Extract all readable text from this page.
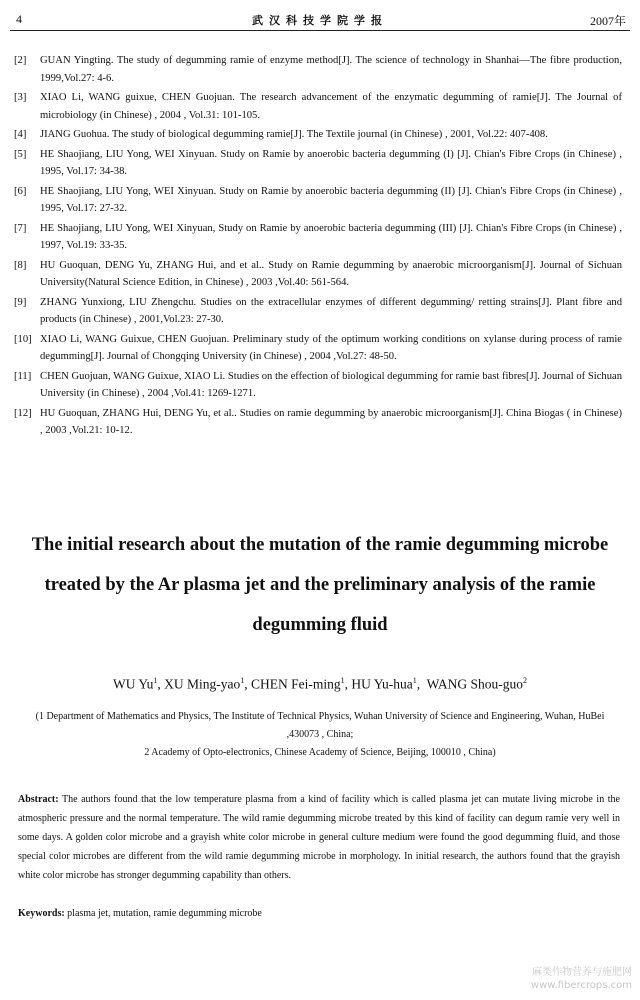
4	武汉科技学院学报	2007年
[2]	GUAN Yingting. The study of degumming ramie of enzyme method[J]. The science of technology in Shanhai—The fibre production, 1999,Vol.27: 4-6.
[3]	XIAO Li, WANG guixue, CHEN Guojuan. The research advancement of the enzymatic degumming of ramie[J]. The Journal of microbiology (in Chinese) , 2004 , Vol.31: 101-105.
[4]	JIANG Guohua. The study of biological degumming ramie[J]. The Textile journal (in Chinese) , 2001, Vol.22: 407-408.
[5]	HE Shaojiang, LIU Yong, WEI Xinyuan. Study on Ramie by anoerobic bacteria degumming (I) [J]. Chian's Fibre Crops (in Chinese) , 1995, Vol.17: 34-38.
[6]	HE Shaojiang, LIU Yong, WEI Xinyuan. Study on Ramie by anoerobic bacteria degumming (II) [J]. Chian's Fibre Crops (in Chinese) , 1995, Vol.17: 27-32.
[7]	HE Shaojiang, LIU Yong, WEI Xinyuan, Study on Ramie by anoerobic bacteria degumming (III) [J]. Chian's Fibre Crops (in Chinese) , 1997, Vol.19: 33-35.
[8]	HU Guoquan, DENG Yu, ZHANG Hui, and et al.. Study on Ramie degumming by anaerobic microorganism[J]. Journal of Sichuan University(Natural Science Edition, in Chinese) , 2003 ,Vol.40: 561-564.
[9]	ZHANG Yunxiong, LIU Zhengchu. Studies on the extracellular enzymes of different degumming/ retting strains[J]. Plant fibre and products (in Chinese) , 2001,Vol.23: 27-30.
[10] XIAO Li, WANG Guixue, CHEN Guojuan. Preliminary study of the optimum working conditions on xylanse during process of ramie degumming[J]. Journal of Chongqing University (in Chinese) , 2004 ,Vol.27: 48-50.
[11] CHEN Guojuan, WANG Guixue, XIAO Li. Studies on the effection of biological degumming for ramie bast fibres[J]. Journal of Sichuan University (in Chinese) , 2004 ,Vol.41: 1269-1271.
[12] HU Guoquan, ZHANG Hui, DENG Yu, et al.. Studies on ramie degumming by anaerobic microorganism[J]. China Biogas ( in Chinese) , 2003 ,Vol.21: 10-12.
The initial research about the mutation of the ramie degumming microbe treated by the Ar plasma jet and the preliminary analysis of the ramie degumming fluid
WU Yu$^1$, XU Ming-yao$^1$, CHEN Fei-ming$^1$, HU Yu-hua$^1$,  WANG Shou-guo$^2$
(1 Department of Mathematics and Physics, The Institute of Technical Physics, Wuhan University of Science and Engineering, Wuhan, HuBei ,430073 , China;
2 Academy of Opto-electronics, Chinese Academy of Science, Beijing, 100010 , China)
Abstract: The authors found that the low temperature plasma from a kind of facility which is called plasma jet can mutate living microbe in the atmospheric pressure and the normal temperature. The wild ramie degumming microbe treated by this kind of facility can degum ramie very well in some days. A golden color microbe and a grayish white color microbe in general culture medium were found the good degumming fluid, and those special color microbes are different from the wild ramie degumming microbe in morphology. In initial research, the authors found that the grayish white color microbe has stronger degumming capability than others.
Keywords: plasma jet, mutation, ramie degumming microbe
麻类作物营养与施肥网
www.fibercrops.com
